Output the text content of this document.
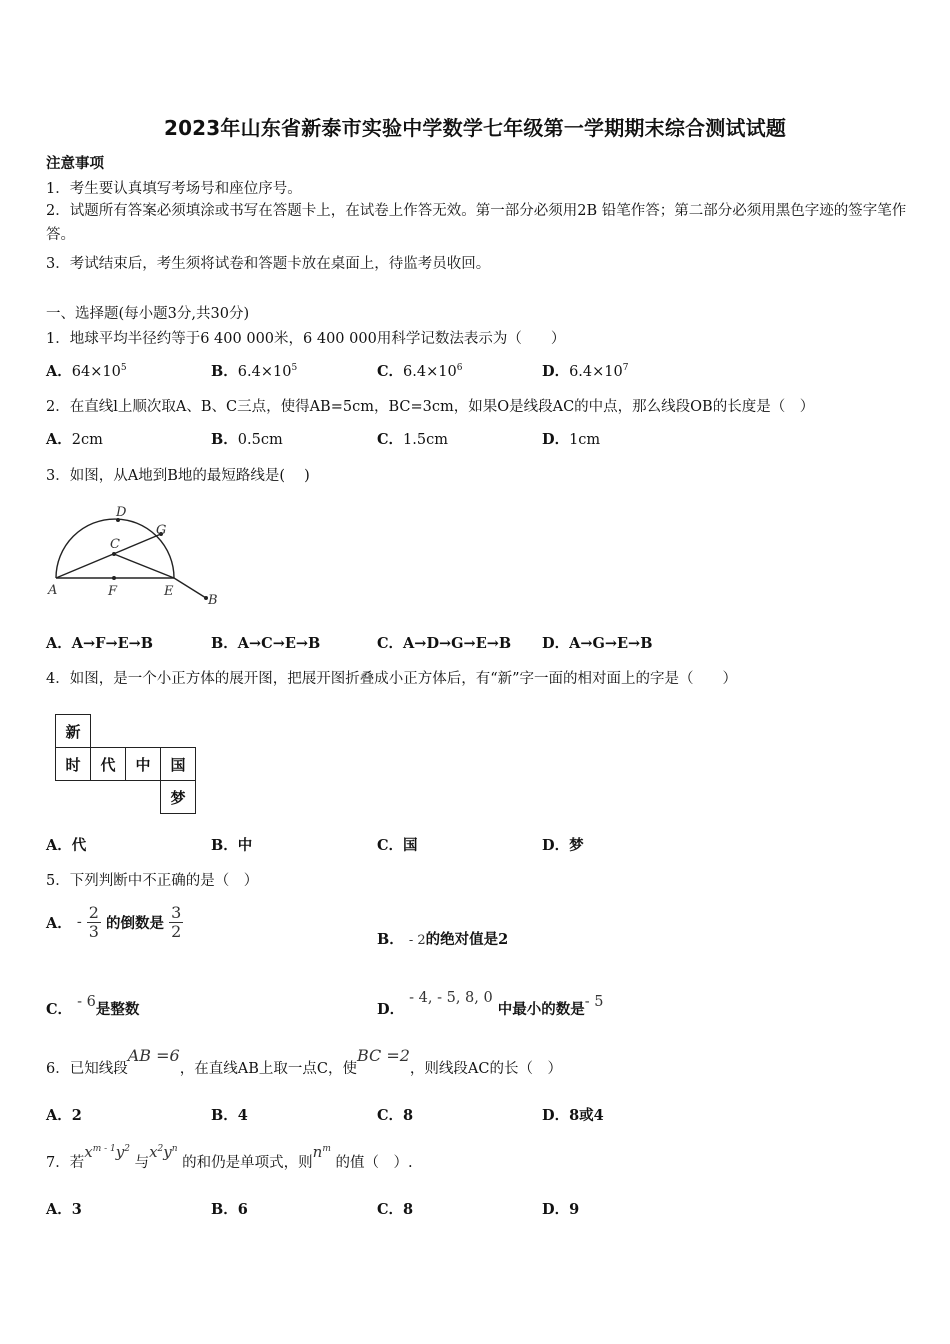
2023年山东省新泰市实验中学数学七年级第一学期期末综合测试试题
注意事项
1．考生要认真填写考场号和座位序号。
2．试题所有答案必须填涂或书写在答题卡上，在试卷上作答无效。第一部分必须用2B 铅笔作答；第二部分必须用黑色字迹的签字笔作答。
3．考试结束后，考生须将试卷和答题卡放在桌面上，待监考员收回。
一、选择题(每小题3分,共30分)
1．地球平均半径约等于6 400 000米，6 400 000用科学记数法表示为（　　）
A．$64\times 10^5$	B．$6.4\times 10^5$	C．$6.4\times 10^6$	D．$6.4\times 10^7$
2．在直线l上顺次取A、B、C三点，使得AB=5cm，BC=3cm，如果O是线段AC的中点，那么线段OB的长度是（　）
A．2cm	B．0.5cm	C．1.5cm	D．1cm
3．如图，从A地到B地的最短路线是(　 )
D
G
C
A	F	E
B
A．A→F→E→B	B．A→C→E→B	C．A→D→G→E→B D．A→G→E→B
4．如图，是一个小正方体的展开图，把展开图折叠成小正方体后，有“新”字一面的相对面上的字是（　　）
新			
时	代	中	国
			梦
A．代	B．中	C．国	D．梦
5．下列判断中不正确的是（　）
A． - $\frac{2}{3}$ 的倒数是 $\frac{3}{2}$	B． - 2的绝对值是2
C． - 6是整数	D． - 4, - 5, 8, 0 中最小的数是- 5
6．已知线段AB =6，在直线AB上取一点C，使BC =2，则线段AC的长（　）
A．2	B．4	C．8	D．8或4
7．若$x^{m - 1}y^2$ 与$x^2y^n$ 的和仍是单项式，则$n^m$ 的值（　）.
A．3	B．6	C．8	D．9
